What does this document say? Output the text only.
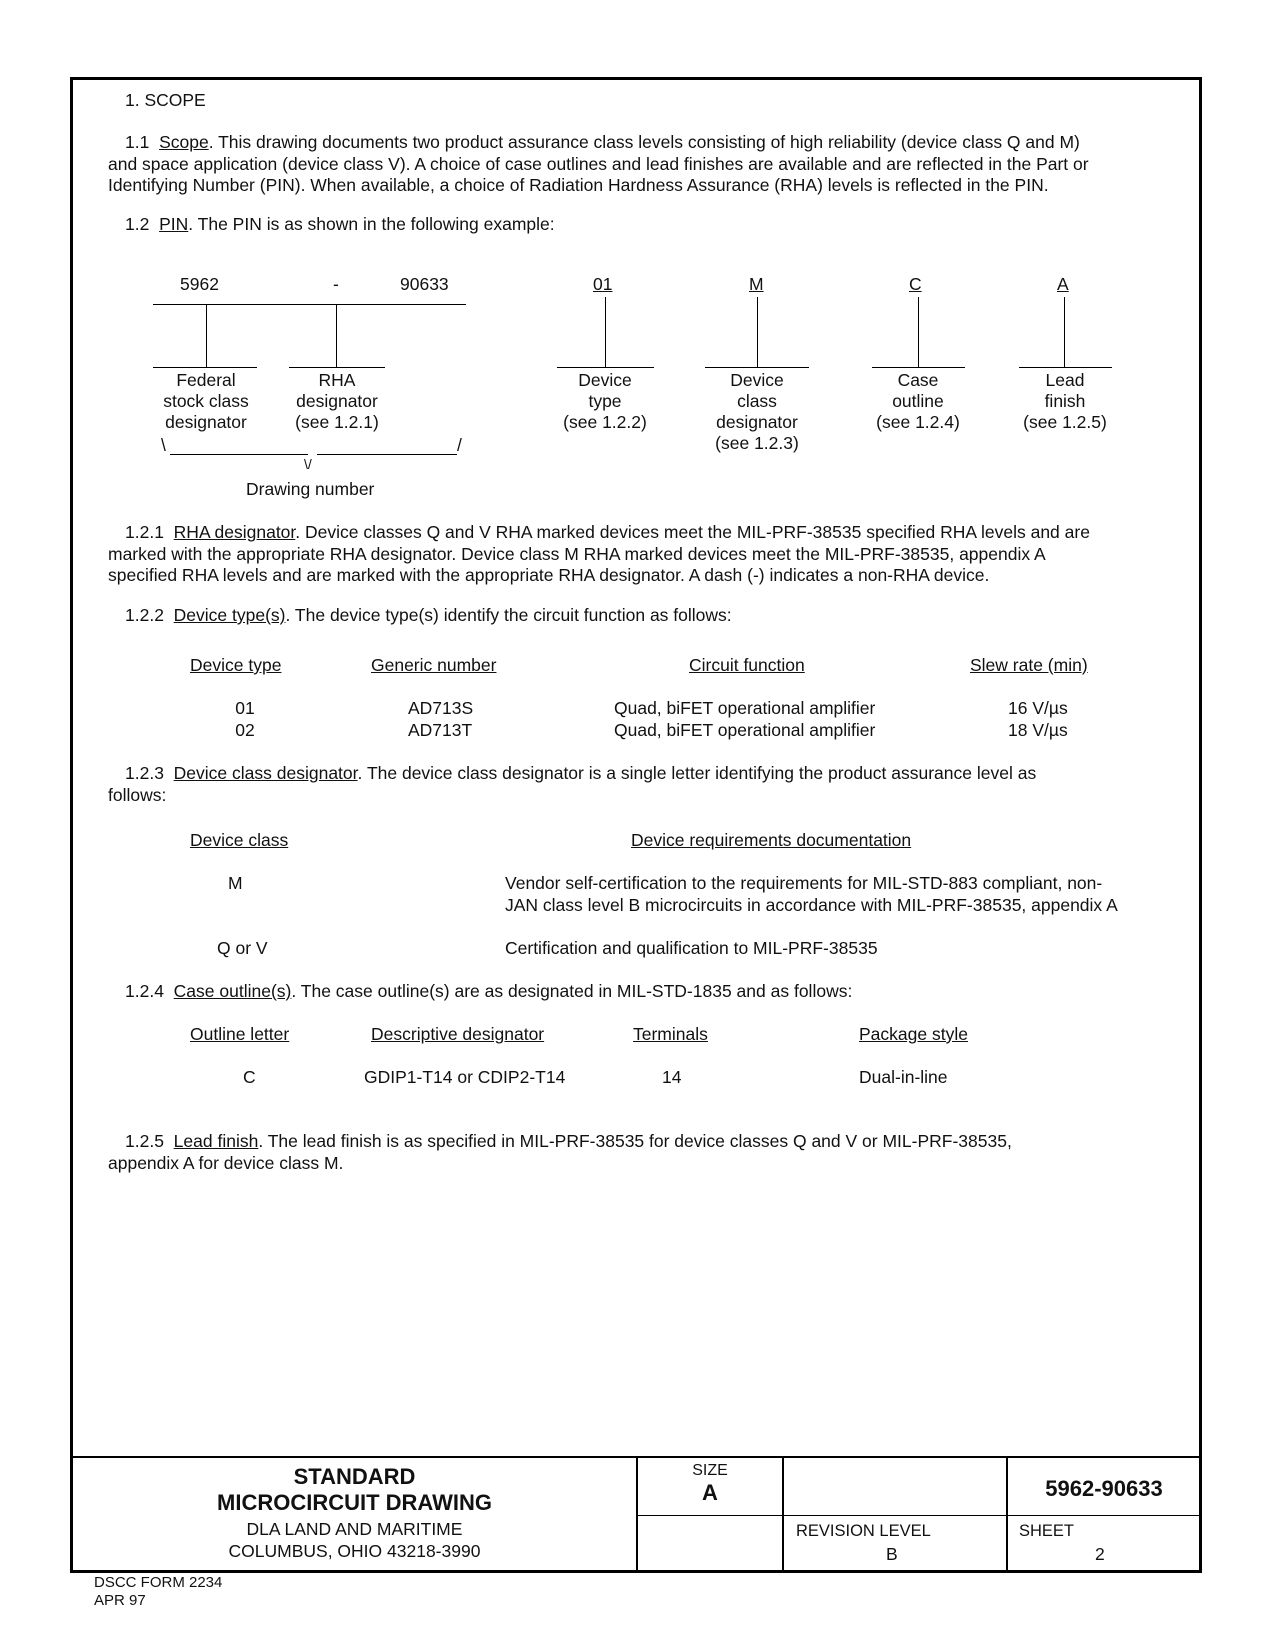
1. SCOPE
1.1 Scope. This drawing documents two product assurance class levels consisting of high reliability (device class Q and M)
and space application (device class V). A choice of case outlines and lead finishes are available and are reflected in the Part or
Identifying Number (PIN). When available, a choice of Radiation Hardness Assurance (RHA) levels is reflected in the PIN.
1.2 PIN. The PIN is as shown in the following example:
5962	-	90633	01	M	C	A
Federal
stock class
designator
RHA
designator
(see 1.2.1)
Device
type
(see 1.2.2)
Device
class
designator
(see 1.2.3)
Case
outline
(see 1.2.4)
Lead
finish
(see 1.2.5)
\	/
\/
Drawing number
1.2.1 RHA designator. Device classes Q and V RHA marked devices meet the MIL-PRF-38535 specified RHA levels and are
marked with the appropriate RHA designator. Device class M RHA marked devices meet the MIL-PRF-38535, appendix A
specified RHA levels and are marked with the appropriate RHA designator. A dash (-) indicates a non-RHA device.
1.2.2 Device type(s). The device type(s) identify the circuit function as follows:
Device type	Generic number	Circuit function	Slew rate (min)
01	AD713S	Quad, biFET operational amplifier	16 V/µs
02	AD713T	Quad, biFET operational amplifier	18 V/µs
1.2.3 Device class designator. The device class designator is a single letter identifying the product assurance level as
follows:
Device class	Device requirements documentation
M	Vendor self-certification to the requirements for MIL-STD-883 compliant, non-
JAN class level B microcircuits in accordance with MIL-PRF-38535, appendix A
Q or V	Certification and qualification to MIL-PRF-38535
1.2.4 Case outline(s). The case outline(s) are as designated in MIL-STD-1835 and as follows:
Outline letter	Descriptive designator	Terminals	Package style
C	GDIP1-T14 or CDIP2-T14	14	Dual-in-line
1.2.5 Lead finish. The lead finish is as specified in MIL-PRF-38535 for device classes Q and V or MIL-PRF-38535,
appendix A for device class M.
STANDARD
MICROCIRCUIT DRAWING
DLA LAND AND MARITIME
COLUMBUS, OHIO 43218-3990
SIZE
A	5962-90633
REVISION LEVEL
B
SHEET
2
DSCC FORM 2234
APR 97
